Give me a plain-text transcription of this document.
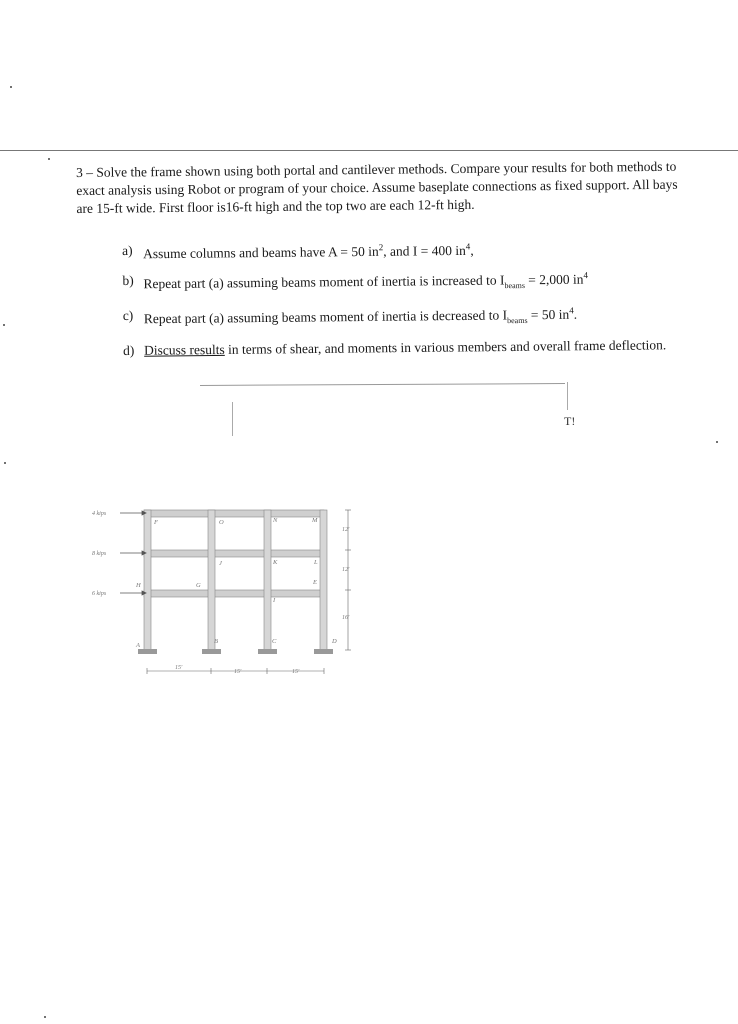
3 – Solve the frame shown using both portal and cantilever methods. Compare your results for both methods to exact analysis using Robot or program of your choice. Assume baseplate connections as fixed support. All bays are 15-ft wide. First floor is16-ft high and the top two are each 12-ft high.
a) Assume columns and beams have A = 50 $in^2$, and I = 400 $in^4$,
b) Repeat part (a) assuming beams moment of inertia is increased to $I_{beams} = 2,000$ $in^4$
c) Repeat part (a) assuming beams moment of inertia is decreased to $I_{beams} = 50$ $in^4$.
d) Discuss results in terms of shear, and moments in various members and overall frame deflection.
T!
4 kips
8 kips
6 kips
F	O	N	M
J	K	L
H	G
I
E
A
B	C	D
12'
12'
16'
15'
15'	15'
